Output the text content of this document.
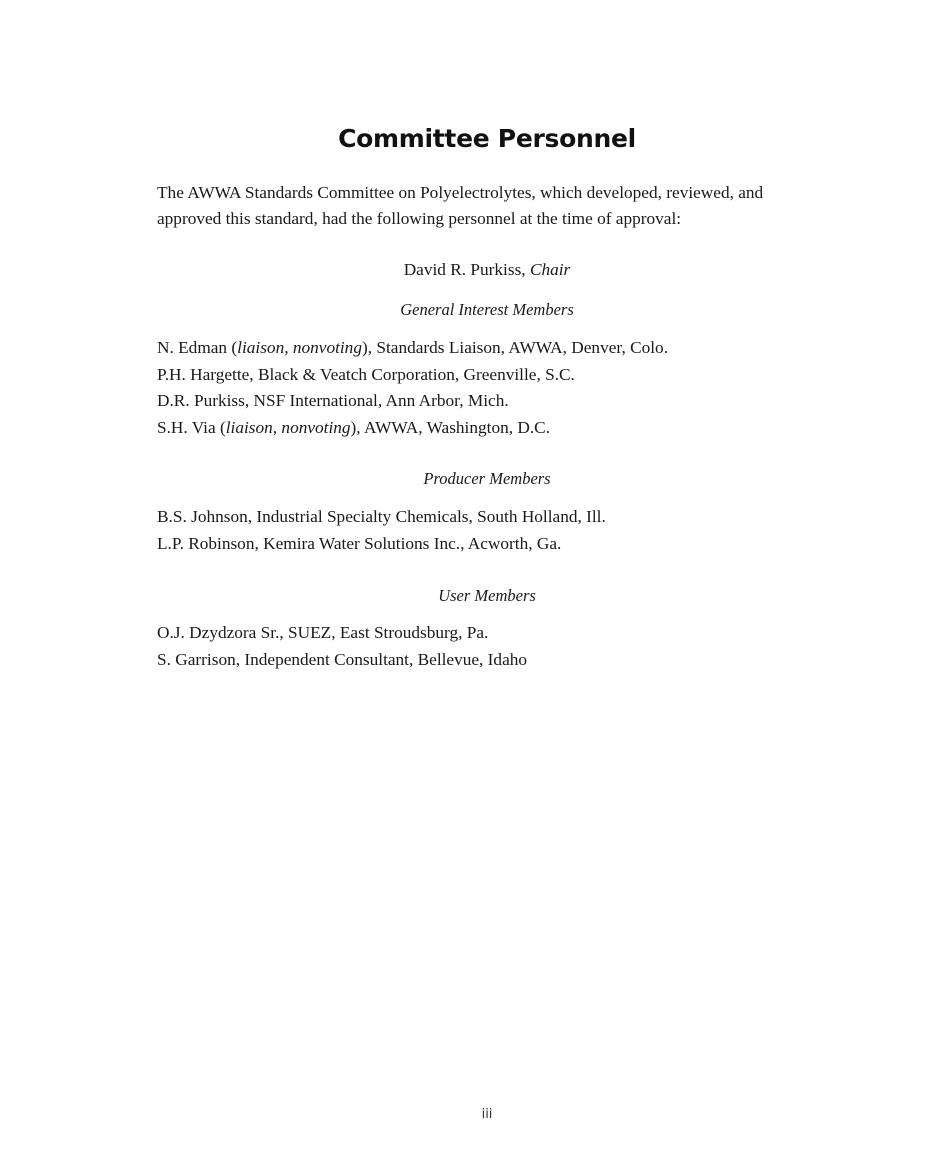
Committee Personnel

The AWWA Standards Committee on Polyelectrolytes, which developed, reviewed, and approved this standard, had the following personnel at the time of approval:

David R. Purkiss, Chair

General Interest Members

N. Edman (liaison, nonvoting), Standards Liaison, AWWA, Denver, Colo.
P.H. Hargette, Black & Veatch Corporation, Greenville, S.C.
D.R. Purkiss, NSF International, Ann Arbor, Mich.
S.H. Via (liaison, nonvoting), AWWA, Washington, D.C.

Producer Members

B.S. Johnson, Industrial Specialty Chemicals, South Holland, Ill.
L.P. Robinson, Kemira Water Solutions Inc., Acworth, Ga.

User Members

O.J. Dzydzora Sr., SUEZ, East Stroudsburg, Pa.
S. Garrison, Independent Consultant, Bellevue, Idaho

iii
